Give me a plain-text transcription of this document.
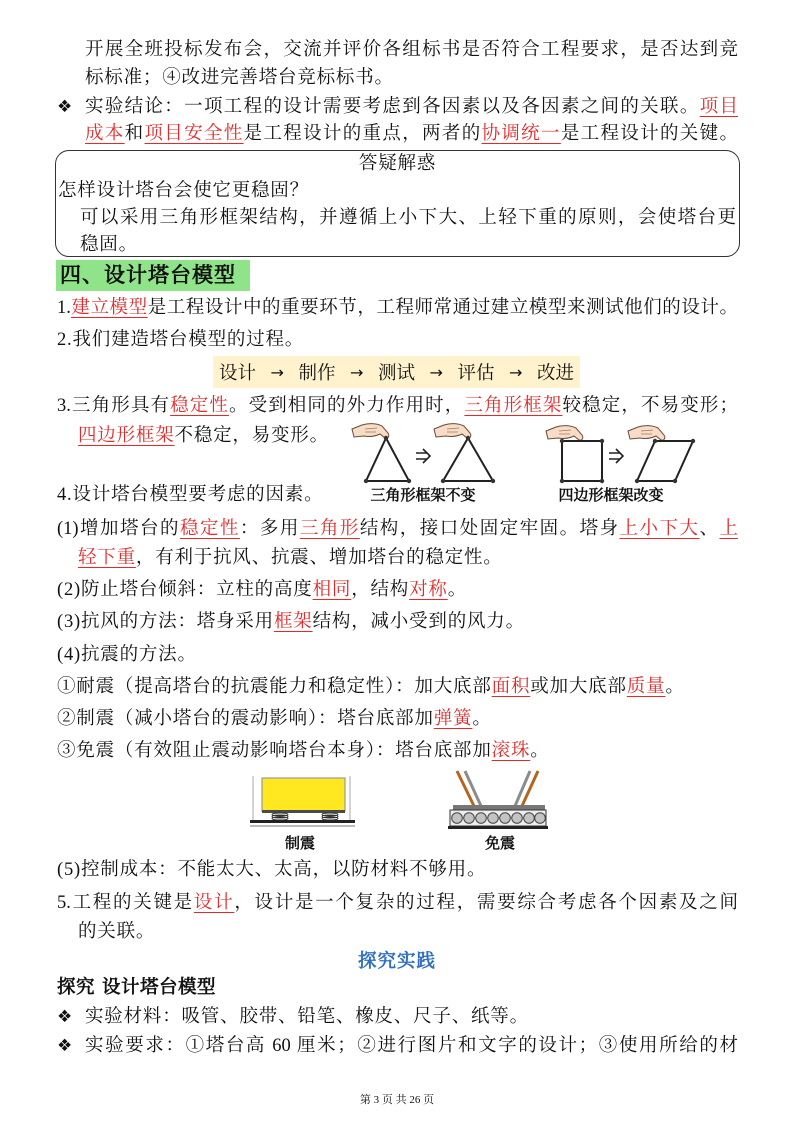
开展全班投标发布会，交流并评价各组标书是否符合工程要求，是否达到竞
标标准；④改进完善塔台竞标标书。
❖ 实验结论：一项工程的设计需要考虑到各因素以及各因素之间的关联。项目
成本和项目安全性是工程设计的重点，两者的协调统一是工程设计的关键。
答疑解惑
怎样设计塔台会使它更稳固？
可以采用三角形框架结构，并遵循上小下大、上轻下重的原则，会使塔台更
稳固。
四、设计塔台模型
1.建立模型是工程设计中的重要环节，工程师常通过建立模型来测试他们的设计。
2.我们建造塔台模型的过程。
设计 → 制作 → 测试 → 评估 → 改进
3.三角形具有稳定性。受到相同的外力作用时，三角形框架较稳定，不易变形；
四边形框架不稳定，易变形。
三角形框架不变	四边形框架改变
4.设计塔台模型要考虑的因素。
(1)增加塔台的稳定性：多用三角形结构，接口处固定牢固。塔身上小下大、上
轻下重，有利于抗风、抗震、增加塔台的稳定性。
(2)防止塔台倾斜：立柱的高度相同，结构对称。
(3)抗风的方法：塔身采用框架结构，减小受到的风力。
(4)抗震的方法。
①耐震（提高塔台的抗震能力和稳定性）：加大底部面积或加大底部质量。
②制震（减小塔台的震动影响）：塔台底部加弹簧。
③免震（有效阻止震动影响塔台本身）：塔台底部加滚珠。
制震	免震
(5)控制成本：不能太大、太高，以防材料不够用。
5.工程的关键是设计，设计是一个复杂的过程，需要综合考虑各个因素及之间
的关联。
探究实践
探究 设计塔台模型
❖ 实验材料：吸管、胶带、铅笔、橡皮、尺子、纸等。
❖ 实验要求：①塔台高 60 厘米；②进行图片和文字的设计；③使用所给的材
第 3 页 共 26 页
